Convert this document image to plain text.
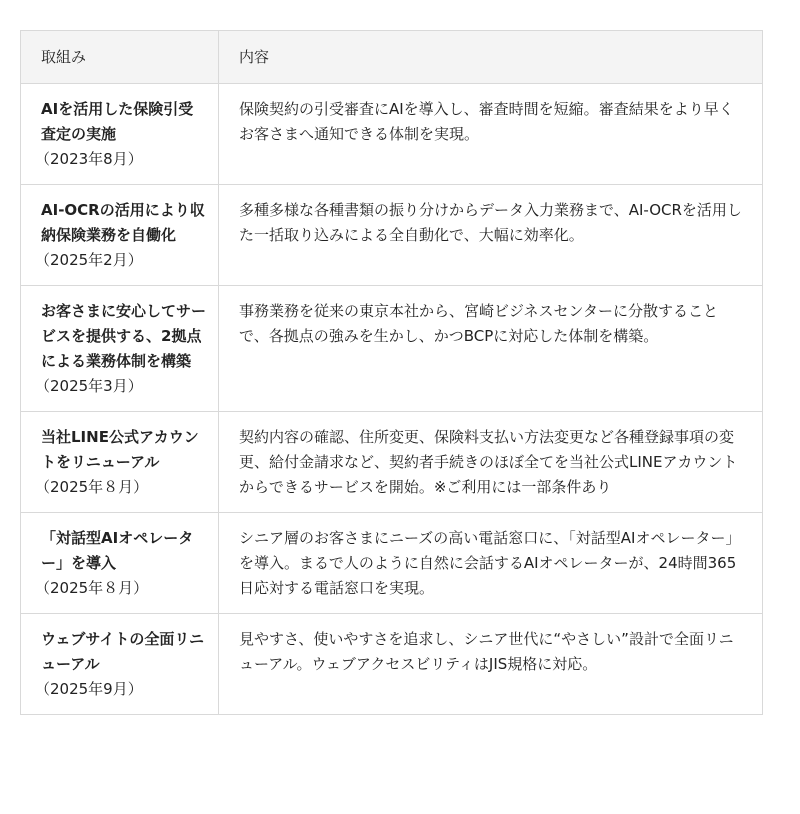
取組み	内容

AIを活用した保険引受査定の実施
（2023年8月）	保険契約の引受審査にAIを導入し、審査時間を短縮。審査結果をより早くお客さまへ通知できる体制を実現。

AI-OCRの活用により収納保険業務を自働化
（2025年2月）	多種多様な各種書類の振り分けからデータ入力業務まで、AI-OCRを活用した一括取り込みによる全自動化で、大幅に効率化。

お客さまに安心してサービスを提供する、2拠点による業務体制を構築
（2025年3月）	事務業務を従来の東京本社から、宮崎ビジネスセンターに分散することで、各拠点の強みを生かし、かつBCPに対応した体制を構築。

当社LINE公式アカウントをリニューアル
（2025年８月）	契約内容の確認、住所変更、保険料支払い方法変更など各種登録事項の変更、給付金請求など、契約者手続きのほぼ全てを当社公式LINEアカウントからできるサービスを開始。※ご利用には一部条件あり

「対話型AIオペレーター」を導入
（2025年８月）	シニア層のお客さまにニーズの高い電話窓口に、「対話型AIオペレーター」を導入。まるで人のように自然に会話するAIオペレーターが、24時間365日応対する電話窓口を実現。

ウェブサイトの全面リニューアル
（2025年9月）	見やすさ、使いやすさを追求し、シニア世代に“やさしい”設計で全面リニューアル。ウェブアクセスビリティはJIS規格に対応。
